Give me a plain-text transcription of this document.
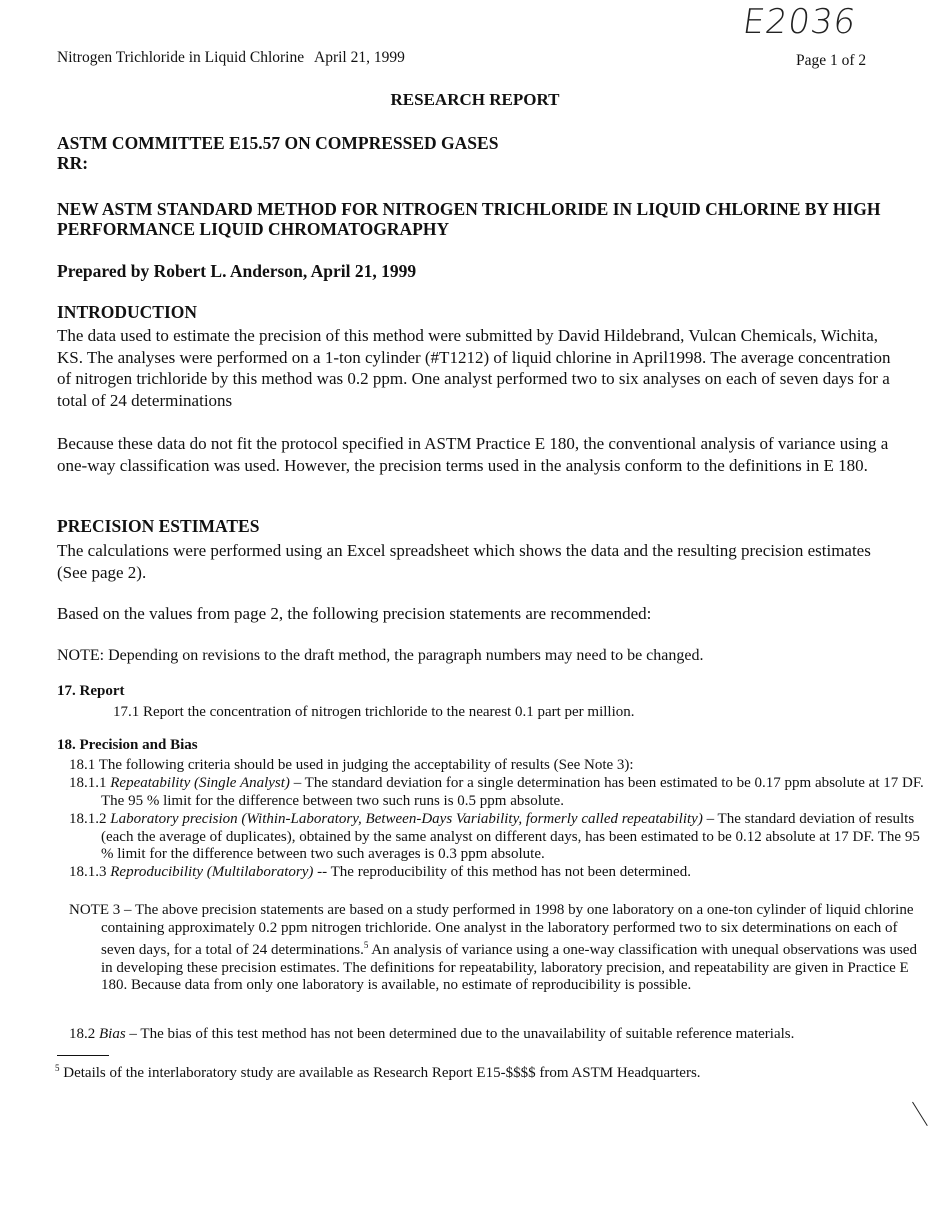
Nitrogen Trichloride in Liquid Chlorine April 21, 1999
E2036
Page 1 of 2
RESEARCH REPORT
ASTM COMMITTEE E15.57 ON COMPRESSED GASES
RR:
NEW ASTM STANDARD METHOD FOR NITROGEN TRICHLORIDE IN LIQUID CHLORINE BY HIGH PERFORMANCE LIQUID CHROMATOGRAPHY
Prepared by Robert L. Anderson, April 21, 1999
INTRODUCTION
The data used to estimate the precision of this method were submitted by David Hildebrand, Vulcan Chemicals, Wichita, KS. The analyses were performed on a 1-ton cylinder (#T1212) of liquid chlorine in April1998. The average concentration of nitrogen trichloride by this method was 0.2 ppm. One analyst performed two to six analyses on each of seven days for a total of 24 determinations
Because these data do not fit the protocol specified in ASTM Practice E 180, the conventional analysis of variance using a one-way classification was used. However, the precision terms used in the analysis conform to the definitions in E 180.
PRECISION ESTIMATES
The calculations were performed using an Excel spreadsheet which shows the data and the resulting precision estimates (See page 2).
Based on the values from page 2, the following precision statements are recommended:
NOTE: Depending on revisions to the draft method, the paragraph numbers may need to be changed.
17. Report
17.1 Report the concentration of nitrogen trichloride to the nearest 0.1 part per million.
18. Precision and Bias
18.1 The following criteria should be used in judging the acceptability of results (See Note 3):
18.1.1 Repeatability (Single Analyst) – The standard deviation for a single determination has been estimated to be 0.17 ppm absolute at 17 DF. The 95 % limit for the difference between two such runs is 0.5 ppm absolute.
18.1.2 Laboratory precision (Within-Laboratory, Between-Days Variability, formerly called repeatability) – The standard deviation of results (each the average of duplicates), obtained by the same analyst on different days, has been estimated to be 0.12 absolute at 17 DF. The 95 % limit for the difference between two such averages is 0.3 ppm absolute.
18.1.3 Reproducibility (Multilaboratory) -- The reproducibility of this method has not been determined.
NOTE 3 – The above precision statements are based on a study performed in 1998 by one laboratory on a one-ton cylinder of liquid chlorine containing approximately 0.2 ppm nitrogen trichloride. One analyst in the laboratory performed two to six determinations on each of seven days, for a total of 24 determinations.$^5$ An analysis of variance using a one-way classification with unequal observations was used in developing these precision estimates. The definitions for repeatability, laboratory precision, and repeatability are given in Practice E 180. Because data from only one laboratory is available, no estimate of reproducibility is possible.
18.2 Bias – The bias of this test method has not been determined due to the unavailability of suitable reference materials.
$^5$ Details of the interlaboratory study are available as Research Report E15-$$$$ from ASTM Headquarters.
